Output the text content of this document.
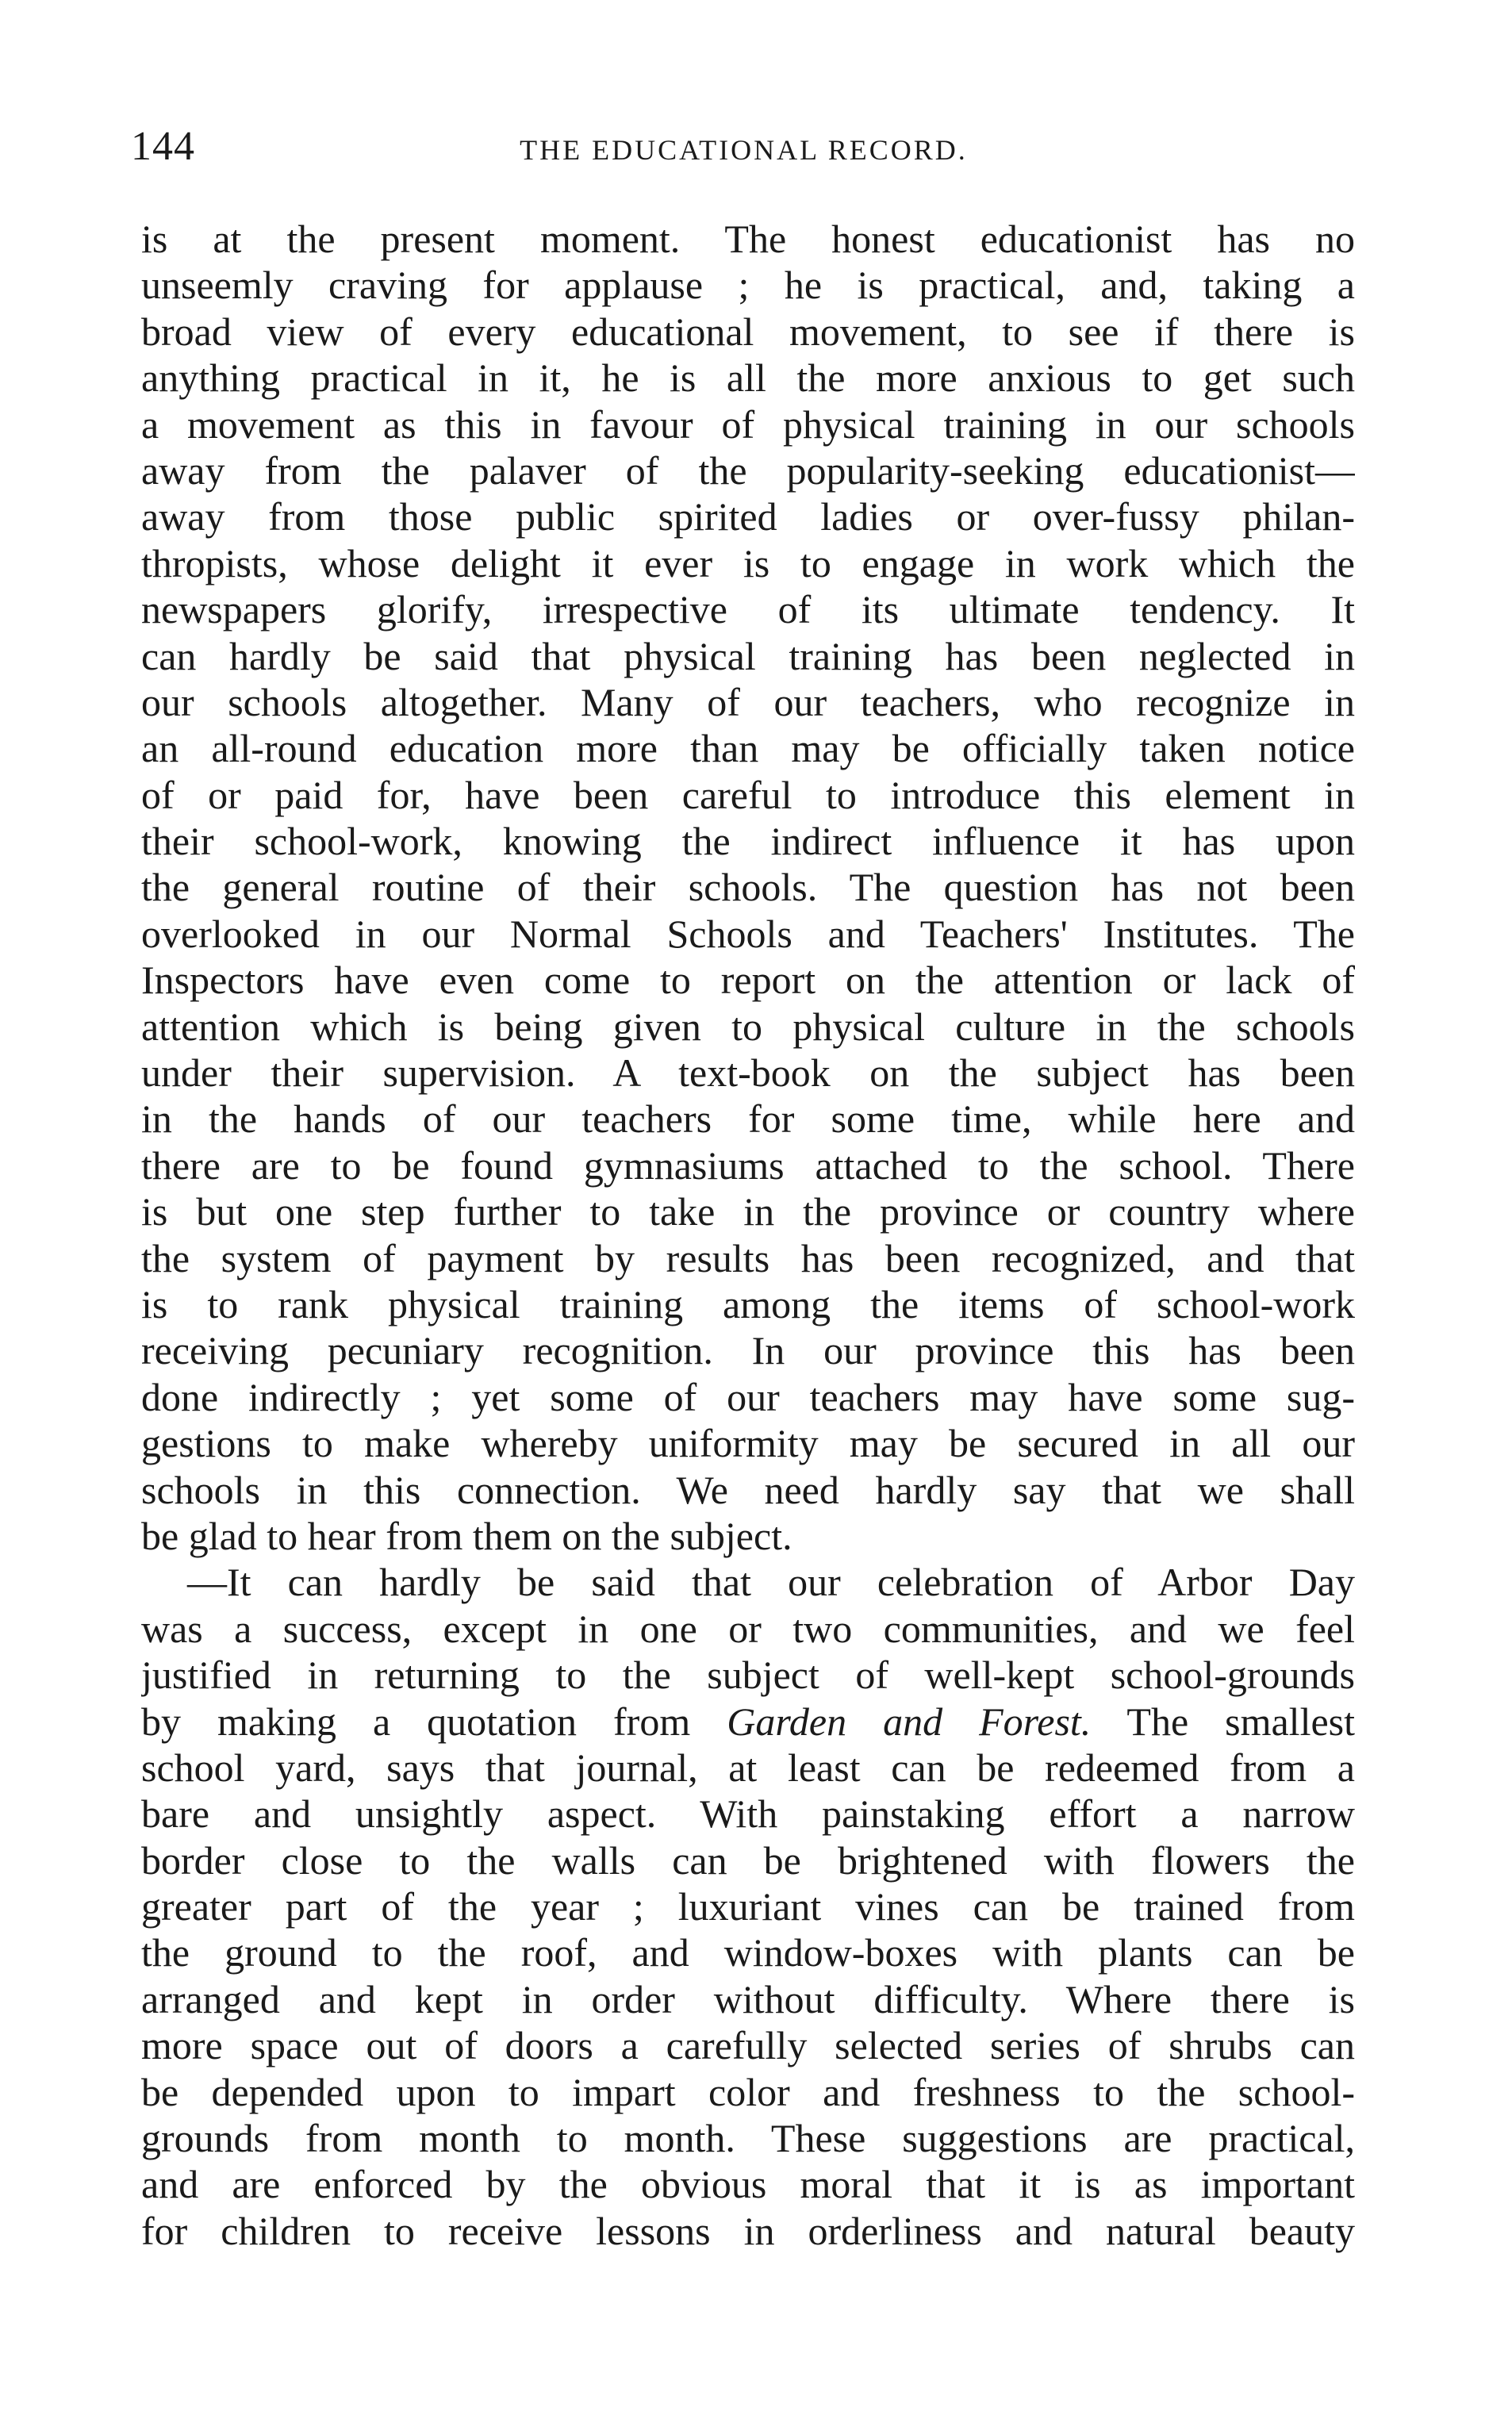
144	THE EDUCATIONAL RECORD.
is at the present moment. The honest educationist has no
unseemly craving for applause ; he is practical, and, taking a
broad view of every educational movement, to see if there is
anything practical in it, he is all the more anxious to get such
a movement as this in favour of physical training in our schools
away from the palaver of the popularity-seeking educationist—
away from those public spirited ladies or over-fussy philan-
thropists, whose delight it ever is to engage in work which the
newspapers glorify, irrespective of its ultimate tendency. It
can hardly be said that physical training has been neglected in
our schools altogether. Many of our teachers, who recognize in
an all-round education more than may be officially taken notice
of or paid for, have been careful to introduce this element in
their school-work, knowing the indirect influence it has upon
the general routine of their schools. The question has not been
overlooked in our Normal Schools and Teachers' Institutes. The
Inspectors have even come to report on the attention or lack of
attention which is being given to physical culture in the schools
under their supervision. A text-book on the subject has been
in the hands of our teachers for some time, while here and
there are to be found gymnasiums attached to the school. There
is but one step further to take in the province or country where
the system of payment by results has been recognized, and that
is to rank physical training among the items of school-work
receiving pecuniary recognition. In our province this has been
done indirectly ; yet some of our teachers may have some sug-
gestions to make whereby uniformity may be secured in all our
schools in this connection. We need hardly say that we shall
be glad to hear from them on the subject.
—It can hardly be said that our celebration of Arbor Day
was a success, except in one or two communities, and we feel
justified in returning to the subject of well-kept school-grounds
by making a quotation from Garden and Forest. The smallest
school yard, says that journal, at least can be redeemed from a
bare and unsightly aspect. With painstaking effort a narrow
border close to the walls can be brightened with flowers the
greater part of the year ; luxuriant vines can be trained from
the ground to the roof, and window-boxes with plants can be
arranged and kept in order without difficulty. Where there is
more space out of doors a carefully selected series of shrubs can
be depended upon to impart color and freshness to the school-
grounds from month to month. These suggestions are practical,
and are enforced by the obvious moral that it is as important
for children to receive lessons in orderliness and natural beauty
